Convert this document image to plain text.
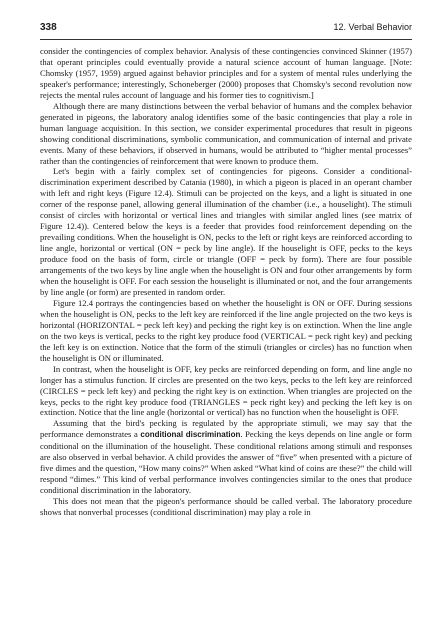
338	12. Verbal Behavior

consider the contingencies of complex behavior. Analysis of these contingencies convinced Skinner (1957) that operant principles could eventually provide a natural science account of human language. [Note: Chomsky (1957, 1959) argued against behavior principles and for a system of mental rules underlying the speaker's performance; interestingly, Schoneberger (2000) proposes that Chomsky's second revolution now rejects the mental rules account of language and his former ties to cognitivism.]

Although there are many distinctions between the verbal behavior of humans and the complex behavior generated in pigeons, the laboratory analog identifies some of the basic contingencies that play a role in human language acquisition. In this section, we consider experimental procedures that result in pigeons showing conditional discriminations, symbolic communication, and communication of internal and private events. Many of these behaviors, if observed in humans, would be attributed to “higher mental processes” rather than the contingencies of reinforcement that were known to produce them.

Let's begin with a fairly complex set of contingencies for pigeons. Consider a conditional-discrimination experiment described by Catania (1980), in which a pigeon is placed in an operant chamber with left and right keys (Figure 12.4). Stimuli can be projected on the keys, and a light is situated in one corner of the response panel, allowing general illumination of the chamber (i.e., a houselight). The stimuli consist of circles with horizontal or vertical lines and triangles with similar angled lines (see matrix of Figure 12.4)). Centered below the keys is a feeder that provides food reinforcement depending on the prevailing conditions. When the houselight is ON, pecks to the left or right keys are reinforced according to line angle, horizontal or vertical (ON = peck by line angle). If the houselight is OFF, pecks to the keys produce food on the basis of form, circle or triangle (OFF = peck by form). There are four possible arrangements of the two keys by line angle when the houselight is ON and four other arrangements by form when the houselight is OFF. For each session the houselight is illuminated or not, and the four arrangements by line angle (or form) are presented in random order.

Figure 12.4 portrays the contingencies based on whether the houselight is ON or OFF. During sessions when the houselight is ON, pecks to the left key are reinforced if the line angle projected on the two keys is horizontal (HORIZONTAL = peck left key) and pecking the right key is on extinction. When the line angle on the two keys is vertical, pecks to the right key produce food (VERTICAL = peck right key) and pecking the left key is on extinction. Notice that the form of the stimuli (triangles or circles) has no function when the houselight is ON or illuminated.

In contrast, when the houselight is OFF, key pecks are reinforced depending on form, and line angle no longer has a stimulus function. If circles are presented on the two keys, pecks to the left key are reinforced (CIRCLES = peck left key) and pecking the right key is on extinction. When triangles are projected on the keys, pecks to the right key produce food (TRIANGLES = peck right key) and pecking the left key is on extinction. Notice that the line angle (horizontal or vertical) has no function when the houselight is OFF.

Assuming that the bird's pecking is regulated by the appropriate stimuli, we may say that the performance demonstrates a conditional discrimination. Pecking the keys depends on line angle or form conditional on the illumination of the houselight. These conditional relations among stimuli and responses are also observed in verbal behavior. A child provides the answer of “five” when presented with a picture of five dimes and the question, “How many coins?” When asked “What kind of coins are these?” the child will respond “dimes.” This kind of verbal performance involves contingencies similar to the ones that produce conditional discrimination in the laboratory.

This does not mean that the pigeon's performance should be called verbal. The laboratory procedure shows that nonverbal processes (conditional discrimination) may play a role in
